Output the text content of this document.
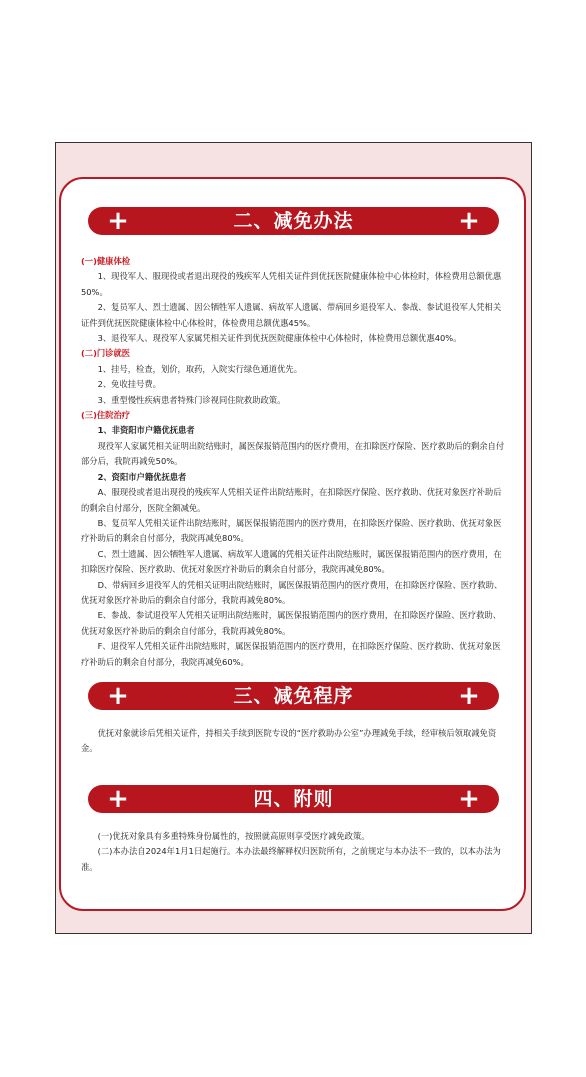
+	二、减免办法	+

(一)健康体检

1、现役军人、服现役或者退出现役的残疾军人凭相关证件到优抚医院健康体检中心体检时，体检费用总额优惠50%。

2、复员军人、烈士遗属、因公牺牲军人遗属、病故军人遗属、带病回乡退役军人、参战、参试退役军人凭相关证件到优抚医院健康体检中心体检时，体检费用总额优惠45%。

3、退役军人、现役军人家属凭相关证件到优抚医院健康体检中心体检时，体检费用总额优惠40%。

(二)门诊就医

1、挂号，检查，划价，取药，入院实行绿色通道优先。

2、免收挂号费。

3、重型慢性疾病患者特殊门诊视同住院救助政策。

(三)住院治疗

1、非资阳市户籍优抚患者

现役军人家属凭相关证明出院结账时，属医保报销范围内的医疗费用，在扣除医疗保险、医疗救助后的剩余自付部分后，我院再减免50%。

2、资阳市户籍优抚患者

A、服现役或者退出现役的残疾军人凭相关证件出院结账时，在扣除医疗保险、医疗救助、优抚对象医疗补助后的剩余自付部分，医院全额减免。

B、复员军人凭相关证件出院结账时，属医保报销范围内的医疗费用，在扣除医疗保险、医疗救助、优抚对象医疗补助后的剩余自付部分，我院再减免80%。

C、烈士遗属、因公牺牲军人遗属、病故军人遗属的凭相关证件出院结账时，属医保报销范围内的医疗费用，在扣除医疗保险、医疗救助、优抚对象医疗补助后的剩余自付部分，我院再减免80%。

D、带病回乡退役军人的凭相关证明出院结账时，属医保报销范围内的医疗费用，在扣除医疗保险、医疗救助、优抚对象医疗补助后的剩余自付部分，我院再减免80%。

E、参战、参试退役军人凭相关证明出院结账时，属医保报销范围内的医疗费用，在扣除医疗保险、医疗救助、优抚对象医疗补助后的剩余自付部分，我院再减免80%。

F、退役军人凭相关证件出院结账时，属医保报销范围内的医疗费用，在扣除医疗保险、医疗救助、优抚对象医疗补助后的剩余自付部分，我院再减免60%。

+	三、减免程序	+

优抚对象就诊后凭相关证件，持相关手续到医院专设的“医疗救助办公室”办理减免手续，经审核后领取减免资金。

+	四、附则	+

(一)优抚对象具有多重特殊身份属性的，按照就高原则享受医疗减免政策。

(二)本办法自2024年1月1日起施行。本办法最终解释权归医院所有，之前规定与本办法不一致的，以本办法为准。
